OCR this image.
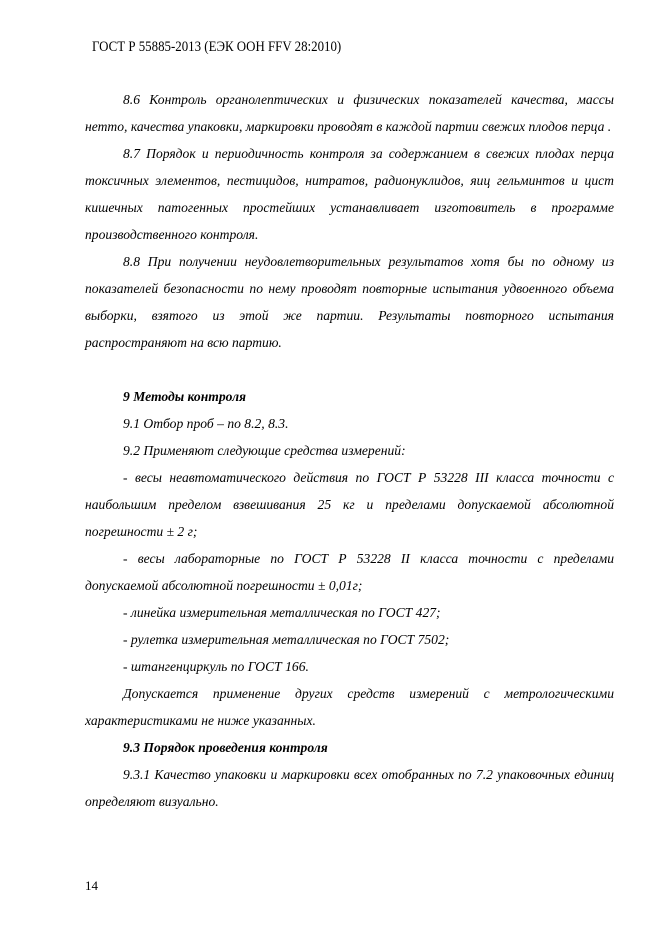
ГОСТ Р 55885-2013 (ЕЭК ООН FFV 28:2010)

8.6 Контроль органолептических и физических показателей качества, массы нетто, качества упаковки, маркировки проводят в каждой партии свежих плодов перца .

8.7 Порядок и периодичность контроля за содержанием в свежих плодах перца токсичных элементов, пестицидов, нитратов, радионуклидов, яиц гельминтов и цист кишечных патогенных простейших устанавливает изготовитель в программе производственного контроля.

8.8 При получении неудовлетворительных результатов хотя бы по одному из показателей безопасности по нему проводят повторные испытания удвоенного объема выборки, взятого из этой же партии. Результаты повторного испытания распространяют на всю партию.

9 Методы контроля

9.1 Отбор проб – по 8.2, 8.3.

9.2 Применяют следующие средства измерений:

- весы неавтоматического действия по ГОСТ Р 53228 III класса точности с наибольшим пределом взвешивания 25 кг и пределами допускаемой абсолютной погрешности ± 2 г;

- весы лабораторные по ГОСТ Р 53228 II класса точности с пределами допускаемой абсолютной погрешности ± 0,01г;

- линейка измерительная металлическая по ГОСТ 427;

- рулетка измерительная металлическая по ГОСТ 7502;

- штангенциркуль по ГОСТ 166.

Допускается применение других средств измерений с метрологическими характеристиками не ниже указанных.

9.3 Порядок проведения контроля

9.3.1 Качество упаковки и маркировки всех отобранных по 7.2 упаковочных единиц определяют визуально.

14
